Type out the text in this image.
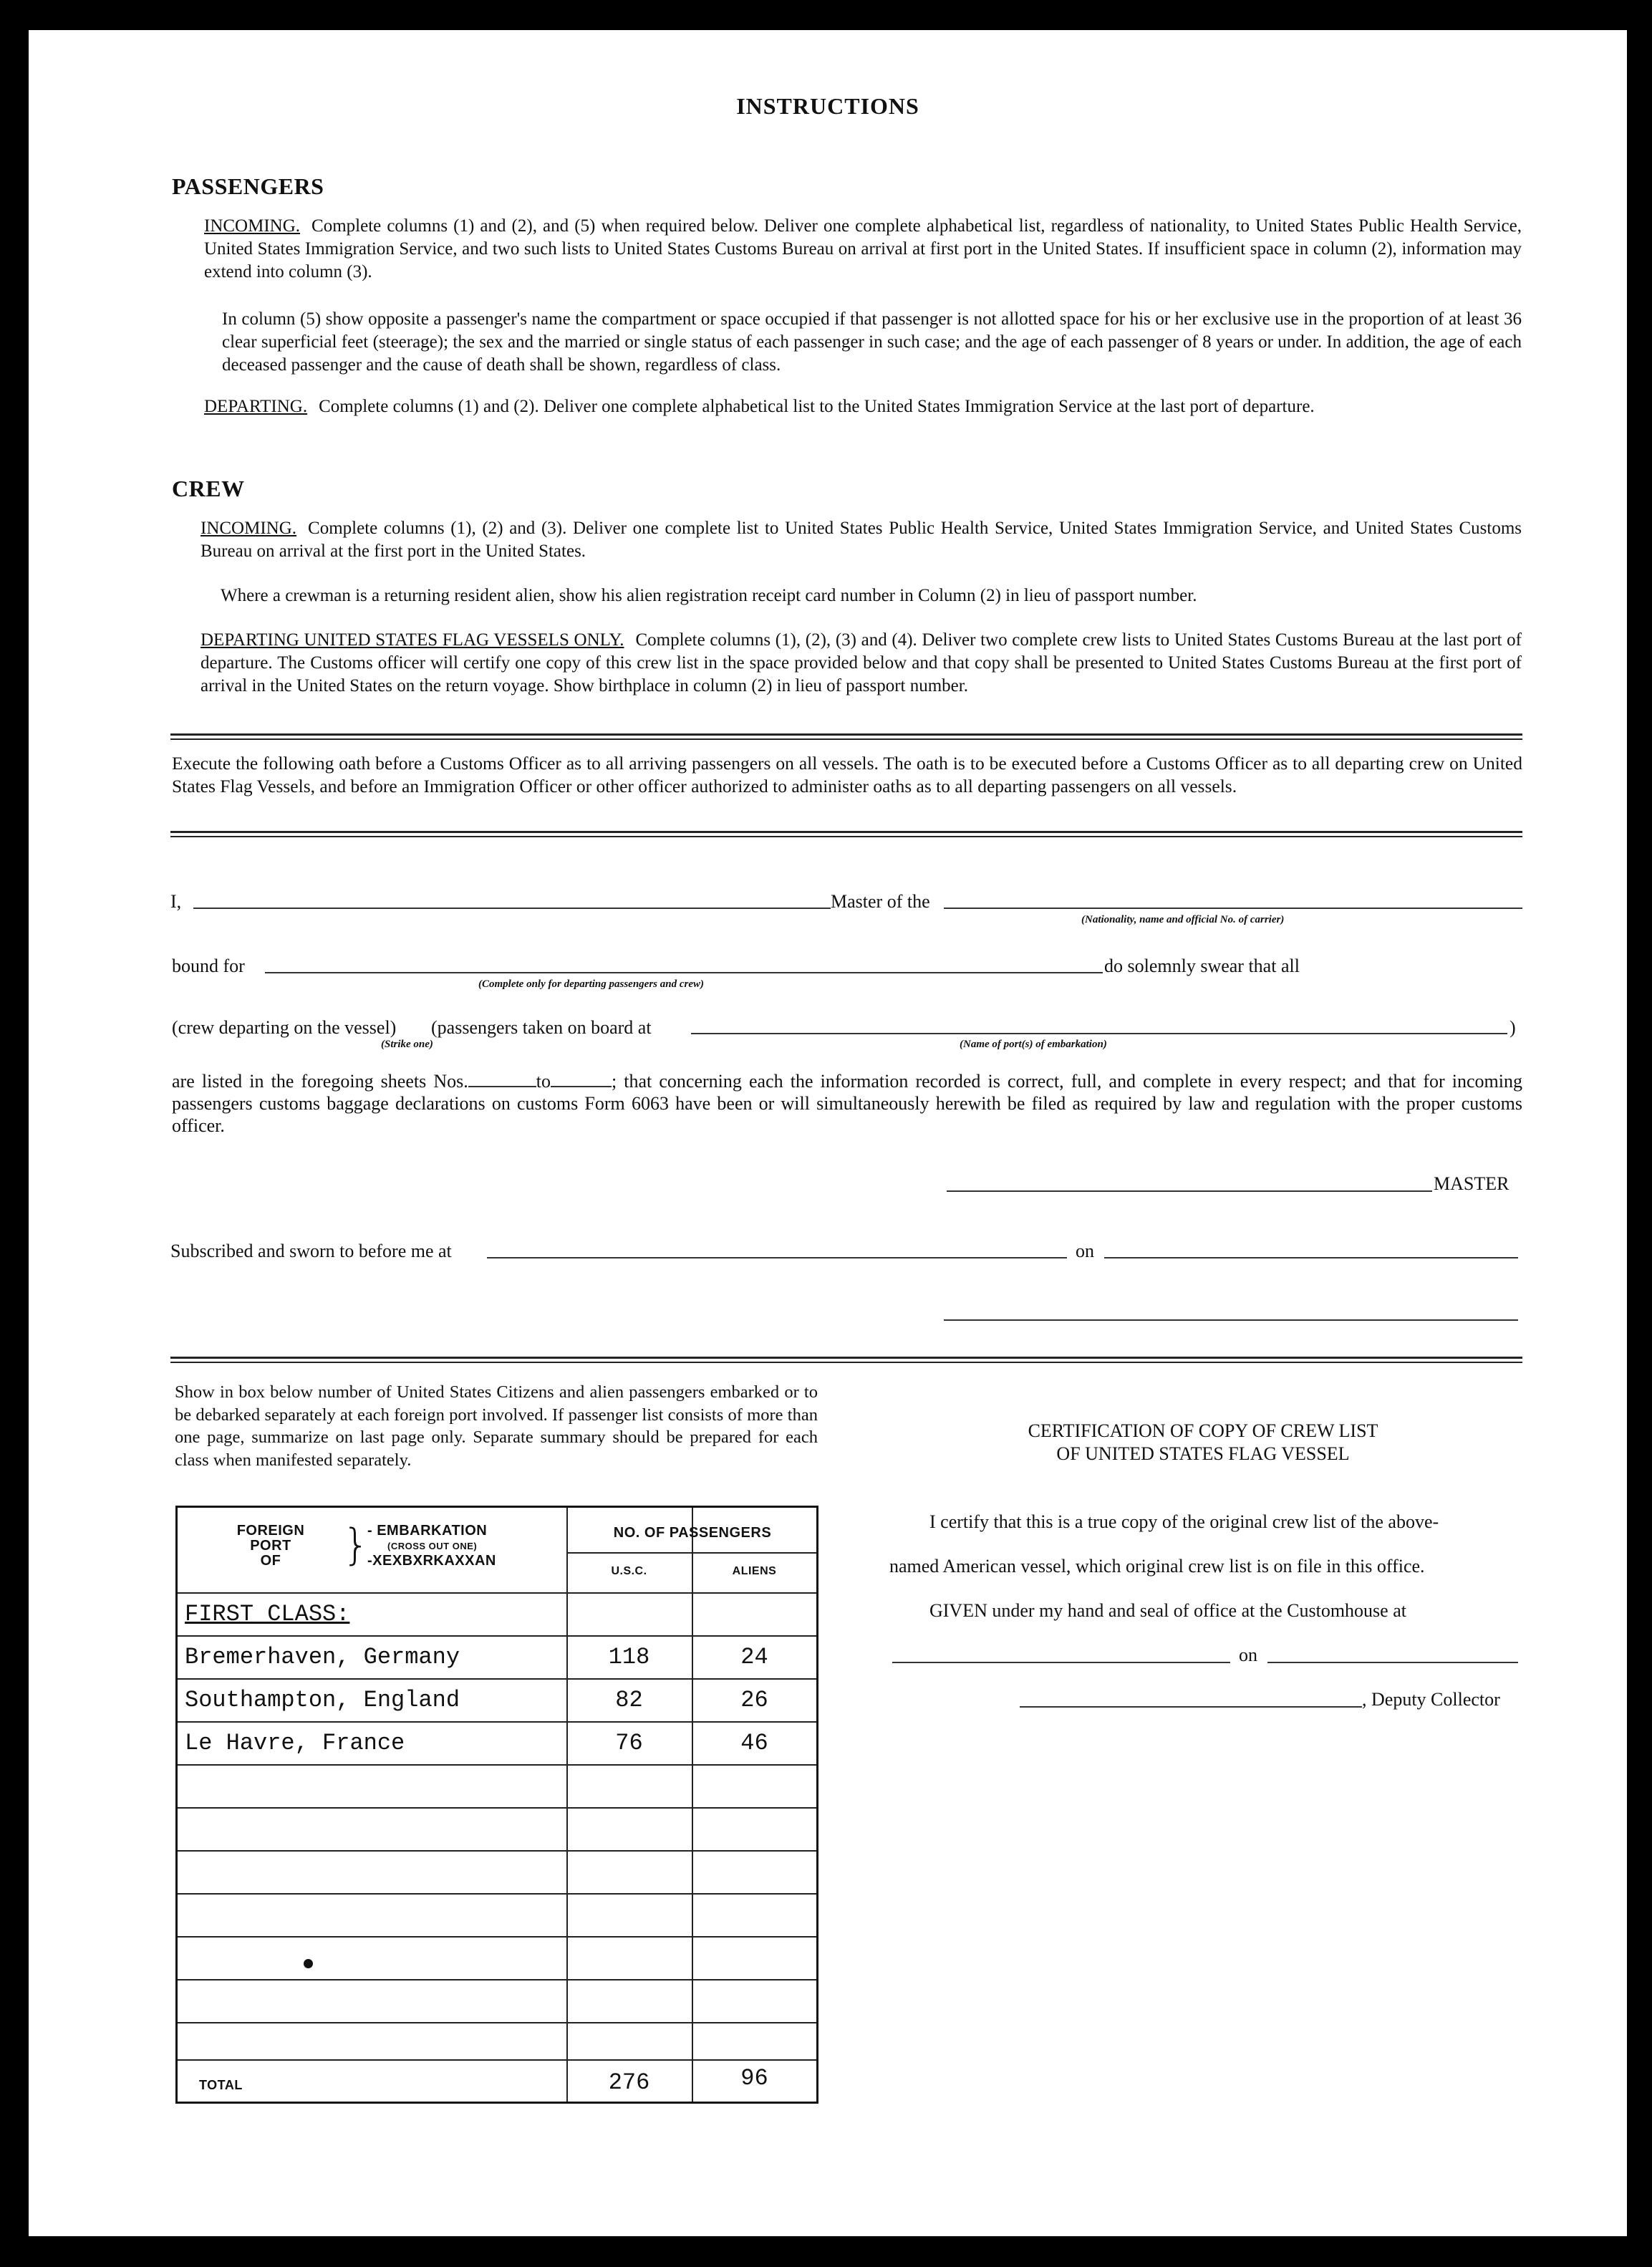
INSTRUCTIONS
PASSENGERS
INCOMING. Complete columns (1) and (2), and (5) when required below. Deliver one complete alphabetical list, regardless of nationality, to United States Public Health Service, United States Immigration Service, and two such lists to United States Customs Bureau on arrival at first port in the United States. If insufficient space in column (2), information may extend into column (3).
In column (5) show opposite a passenger's name the compartment or space occupied if that passenger is not allotted space for his or her exclusive use in the proportion of at least 36 clear superficial feet (steerage); the sex and the married or single status of each passenger in such case; and the age of each passenger of 8 years or under. In addition, the age of each deceased passenger and the cause of death shall be shown, regardless of class.
DEPARTING. Complete columns (1) and (2). Deliver one complete alphabetical list to the United States Immigration Service at the last port of departure.
CREW
INCOMING. Complete columns (1), (2) and (3). Deliver one complete list to United States Public Health Service, United States Immigration Service, and United States Customs Bureau on arrival at the first port in the United States.
Where a crewman is a returning resident alien, show his alien registration receipt card number in Column (2) in lieu of passport number.
DEPARTING UNITED STATES FLAG VESSELS ONLY. Complete columns (1), (2), (3) and (4). Deliver two complete crew lists to United States Customs Bureau at the last port of departure. The Customs officer will certify one copy of this crew list in the space provided below and that copy shall be presented to United States Customs Bureau at the first port of arrival in the United States on the return voyage. Show birthplace in column (2) in lieu of passport number.
Execute the following oath before a Customs Officer as to all arriving passengers on all vessels. The oath is to be executed before a Customs Officer as to all departing crew on United States Flag Vessels, and before an Immigration Officer or other officer authorized to administer oaths as to all departing passengers on all vessels.
I,	Master of the
(Nationality, name and official No. of carrier)
bound for	do solemnly swear that all
(Complete only for departing passengers and crew)
(crew departing on the vessel) (passengers taken on board at	)
(Strike one)	(Name of port(s) of embarkation)
are listed in the foregoing sheets Nos.	to	; that concerning each the information recorded is correct, full, and complete in every respect; and that for incoming passengers customs baggage declarations on customs Form 6063 have been or will simultaneously herewith be filed as required by law and regulation with the proper customs officer.
MASTER
Subscribed and sworn to before me at	on
Show in box below number of United States Citizens and alien passengers embarked or to be debarked separately at each foreign port involved. If passenger list consists of more than one page, summarize on last page only. Separate summary should be prepared for each class when manifested separately.
FOREIGN
PORT
OF	}
- EMBARKATION
(CROSS OUT ONE)
-XEXBXRKAXXAN
NO. OF PASSENGERS
U.S.C.	ALIENS
FIRST CLASS:
Bremerhaven, Germany	118	24
Southampton, England	82	26
Le Havre, France	76	46
TOTAL	276	96
CERTIFICATION OF COPY OF CREW LIST
OF UNITED STATES FLAG VESSEL
I certify that this is a true copy of the original crew list of the above-
named American vessel, which original crew list is on file in this office.
GIVEN under my hand and seal of office at the Customhouse at
on
, Deputy Collector
